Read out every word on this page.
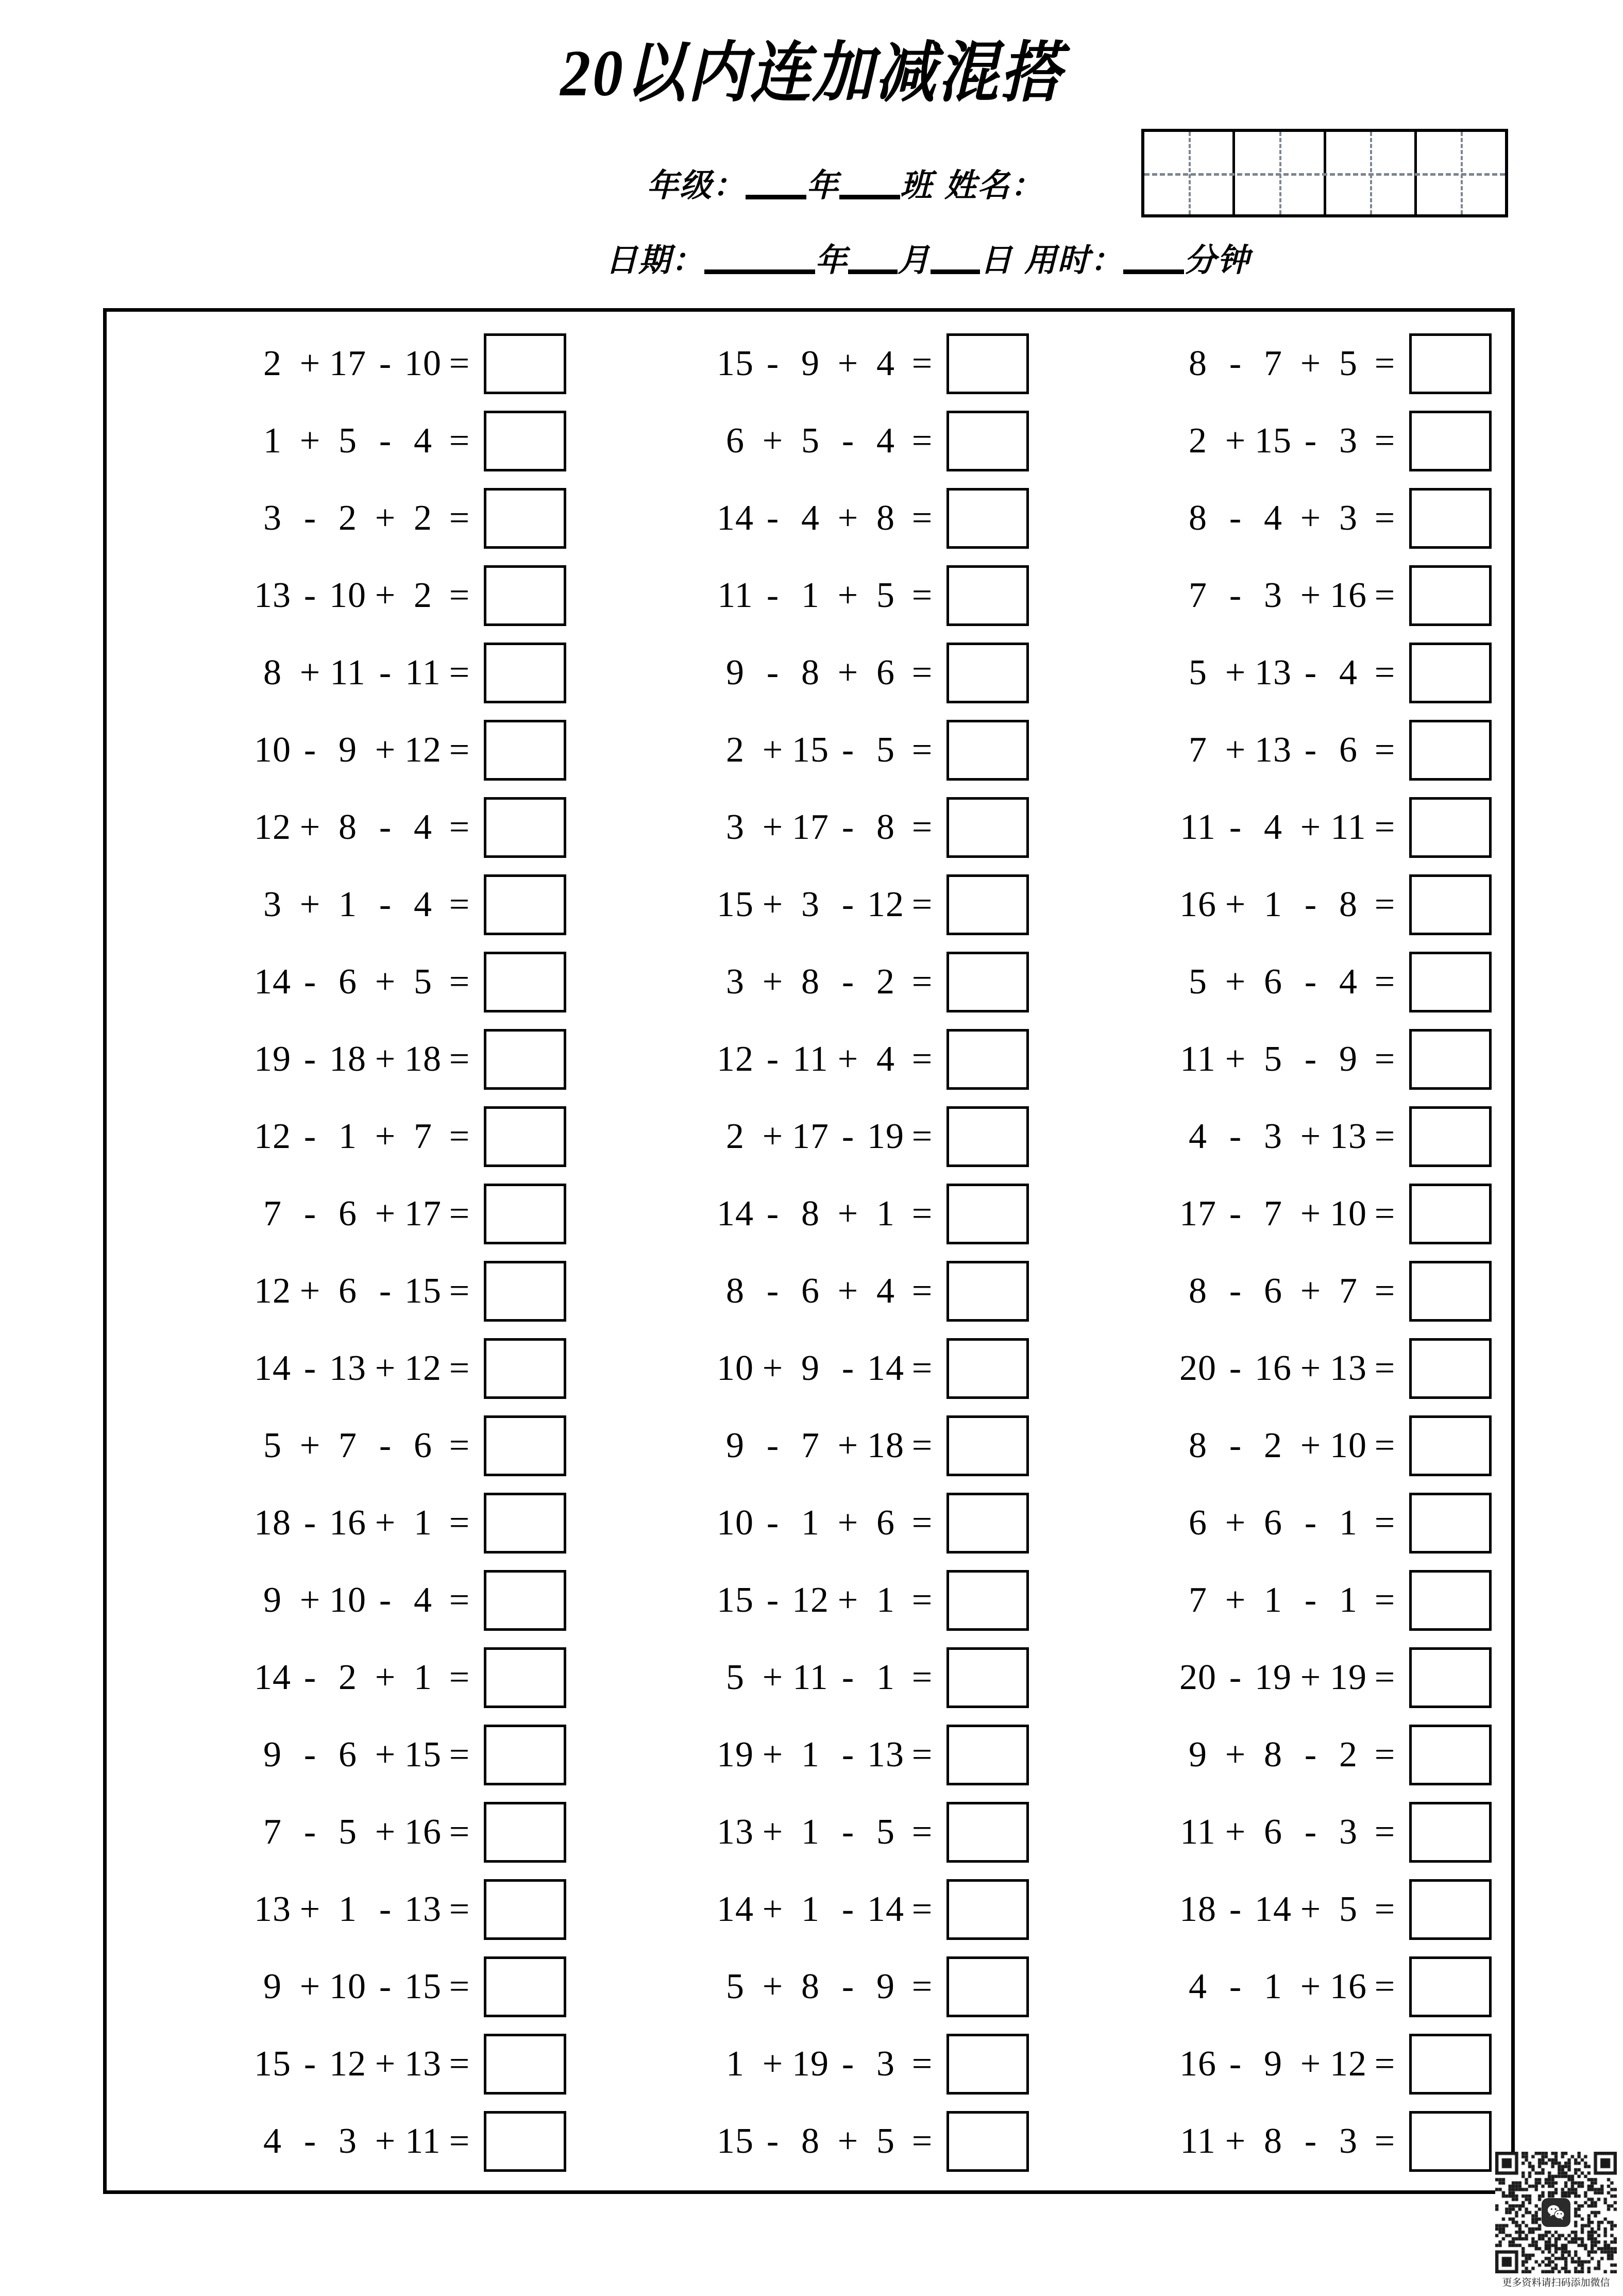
20以内连加减混搭
年级： 年 班 姓名：
日期：	年 月 日 用时： 分钟
2 + 17 - 10 =
1 + 5 - 4 =
3 - 2 + 2 =
13 - 10 + 2 =
8 + 11 - 11 =
10 - 9 + 12 =
12 + 8 - 4 =
3 + 1 - 4 =
14 - 6 + 5 =
19 - 18 + 18 =
12 - 1 + 7 =
7 - 6 + 17 =
12 + 6 - 15 =
14 - 13 + 12 =
5 + 7 - 6 =
18 - 16 + 1 =
9 + 10 - 4 =
14 - 2 + 1 =
9 - 6 + 15 =
7 - 5 + 16 =
13 + 1 - 13 =
9 + 10 - 15 =
15 - 12 + 13 =
4 - 3 + 11 =
15 - 9 + 4 =
6 + 5 - 4 =
14 - 4 + 8 =
11 - 1 + 5 =
9 - 8 + 6 =
2 + 15 - 5 =
3 + 17 - 8 =
15 + 3 - 12 =
3 + 8 - 2 =
12 - 11 + 4 =
2 + 17 - 19 =
14 - 8 + 1 =
8 - 6 + 4 =
10 + 9 - 14 =
9 - 7 + 18 =
10 - 1 + 6 =
15 - 12 + 1 =
5 + 11 - 1 =
19 + 1 - 13 =
13 + 1 - 5 =
14 + 1 - 14 =
5 + 8 - 9 =
1 + 19 - 3 =
15 - 8 + 5 =
8 - 7 + 5 =
2 + 15 - 3 =
8 - 4 + 3 =
7 - 3 + 16 =
5 + 13 - 4 =
7 + 13 - 6 =
11 - 4 + 11 =
16 + 1 - 8 =
5 + 6 - 4 =
11 + 5 - 9 =
4 - 3 + 13 =
17 - 7 + 10 =
8 - 6 + 7 =
20 - 16 + 13 =
8 - 2 + 10 =
6 + 6 - 1 =
7 + 1 - 1 =
20 - 19 + 19 =
9 + 8 - 2 =
11 + 6 - 3 =
18 - 14 + 5 =
4 - 1 + 16 =
16 - 9 + 12 =
11 + 8 - 3 =
更多资料请扫码添加微信
